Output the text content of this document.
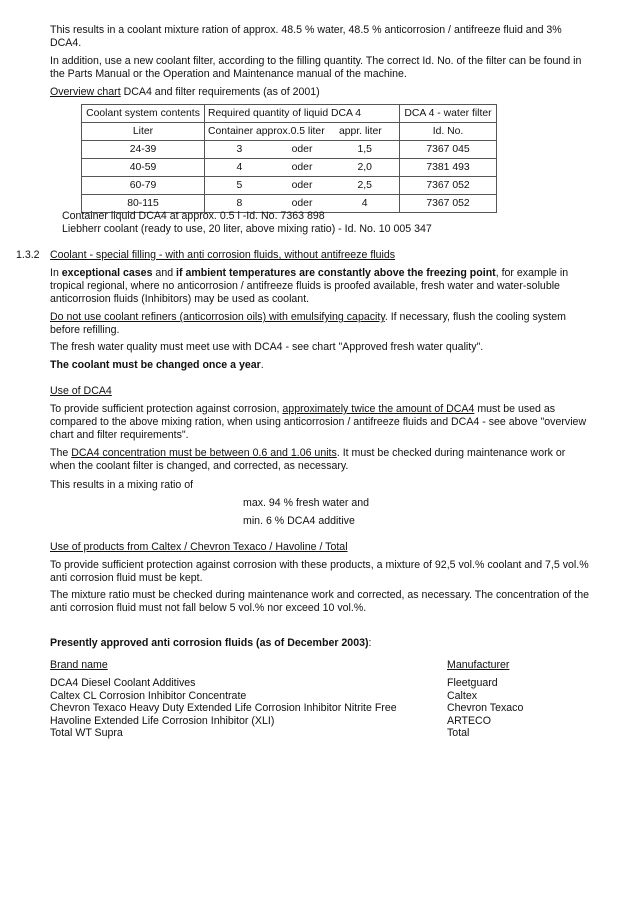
This results in a coolant mixture ration of approx. 48.5 % water, 48.5 % anticorrosion / antifreeze fluid and 3% DCA4.

In addition, use a new coolant filter, according to the filling quantity. The correct Id. No. of the filter can be found in the Parts Manual or the Operation and Maintenance manual of the machine.

Overview chart DCA4 and filter requirements (as of 2001)

Coolant system contents	Required quantity of liquid DCA 4	DCA 4 - water filter
Liter	Container approx.0.5 liter appr. liter	Id. No.
24-39	3 oder 1,5	7367 045
40-59	4 oder 2,0	7381 493
60-79	5 oder 2,5	7367 052
80-115	8 oder 4	7367 052

Container liquid DCA4 at approx. 0.5 l -Id. No. 7363 898

Liebherr coolant (ready to use, 20 liter, above mixing ratio) - Id. No. 10 005 347

1.3.2 Coolant - special filling - with anti corrosion fluids, without antifreeze fluids

In exceptional cases and if ambient temperatures are constantly above the freezing point, for example in tropical regional, where no anticorrosion / antifreeze fluids is proofed available, fresh water and water-soluble anticorrosion fluids (Inhibitors) may be used as coolant.

Do not use coolant refiners (anticorrosion oils) with emulsifying capacity. If necessary, flush the cooling system before refilling.

The fresh water quality must meet use with DCA4 - see chart "Approved fresh water quality".

The coolant must be changed once a year.

Use of DCA4

To provide sufficient protection against corrosion, approximately twice the amount of DCA4 must be used as compared to the above mixing ration, when using anticorrosion / antifreeze fluids and DCA4 - see above "overview chart and filter requirements".

The DCA4 concentration must be between 0.6 and 1.06 units. It must be checked during maintenance work or when the coolant filter is changed, and corrected, as necessary.

This results in a mixing ratio of

max. 94 % fresh water and

min. 6 % DCA4 additive

Use of products from Caltex / Chevron Texaco / Havoline / Total

To provide sufficient protection against corrosion with these products, a mixture of 92,5 vol.% coolant and 7,5 vol.% anti corrosion fluid must be kept.

The mixture ratio must be checked during maintenance work and corrected, as necessary. The concentration of the anti corrosion fluid must not fall below 5 vol.% nor exceed 10 vol.%.

Presently approved anti corrosion fluids (as of December 2003):

Brand name	Manufacturer
DCA4 Diesel Coolant Additives	Fleetguard
Caltex CL Corrosion Inhibitor Concentrate	Caltex
Chevron Texaco Heavy Duty Extended Life Corrosion Inhibitor Nitrite Free	Chevron Texaco
Havoline Extended Life Corrosion Inhibitor (XLI)	ARTECO
Total WT Supra	Total
